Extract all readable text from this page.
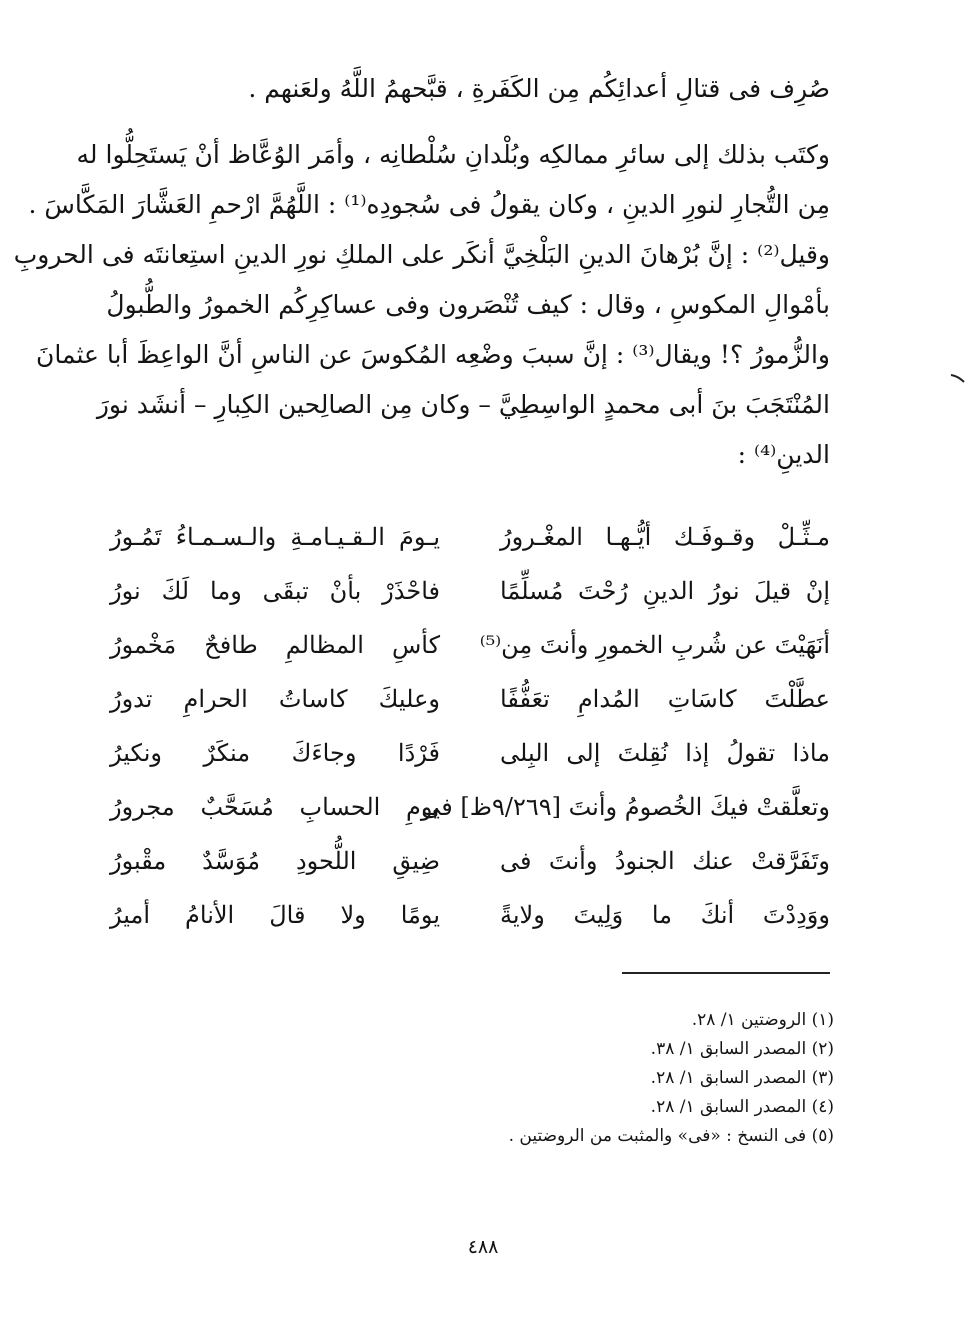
صُرِف فى قتالِ أعدائِكُم مِن الكَفَرةِ ، قبَّحهمُ اللَّهُ ولعَنهم .
وكتَب بذلك إلى سائرِ ممالكِه وبُلْدانِ سُلْطانِه ، وأمَر الوُعَّاظ أنْ يَستَحِلُّوا له
مِن التُّجارِ لنورِ الدينِ ، وكان يقولُ فى سُجودِه⁽¹⁾ : اللَّهُمَّ ارْحمِ العَشَّارَ المَكَّاسَ .
وقيل⁽²⁾ : إنَّ بُرْهانَ الدينِ البَلْخِيَّ أنكَر على الملكِ نورِ الدينِ استِعانتَه فى الحروبِ
بأمْوالِ المكوسِ ، وقال : كيف تُنْصَرون وفى عساكِرِكُم الخمورُ والطُّبولُ
والزُّمورُ ؟! ويقال⁽³⁾ : إنَّ سببَ وضْعِه المُكوسَ عن الناسِ أنَّ الواعِظَ أبا عثمانَ
المُنْتَجَبَ بنَ أبى محمدٍ الواسِطِيَّ – وكان مِن الصالِحين الكِبارِ – أنشَد نورَ
الدينِ⁽⁴⁾ :
مـثِّـلْ وقـوفَـك أيُّـهـا المغْـرورُ
يـومَ الـقـيـامـةِ والـسـمـاءُ تَمُـورُ
إنْ قيلَ نورُ الدينِ رُحْتَ مُسلِّمًا
فاحْذَرْ بأنْ تبقَى وما لَكَ نورُ
أنَهَيْتَ عن شُربِ الخمورِ وأنتَ مِن⁽⁵⁾
كأسِ المظالمِ طافحٌ مَخْمورُ
عطَّلْتَ كاسَاتِ المُدامِ تعَفُّفًا
وعليكَ كاساتُ الحرامِ تدورُ
ماذا تقولُ إذا نُقِلتَ إلى البِلى
فَرْدًا وجاءَكَ منكَرٌ ونكيرُ
وتعلَّقتْ فيكَ الخُصومُ وأنتَ [٩/٢٦٩ظ] فى
يومِ الحسابِ مُسَحَّبٌ مجرورُ
وتَفَرَّقتْ عنك الجنودُ وأنتَ فى
ضِيقِ اللُّحودِ مُوَسَّدٌ مقْبورُ
ووَدِدْتَ أنكَ ما وَلِيتَ ولايةً
يومًا ولا قالَ الأنامُ أميرُ
(١) الروضتين ١/ ٢٨.
(٢) المصدر السابق ١/ ٣٨.
(٣) المصدر السابق ١/ ٢٨.
(٤) المصدر السابق ١/ ٢٨.
(٥) فى النسخ : «فى» والمثبت من الروضتين .
٤٨٨
